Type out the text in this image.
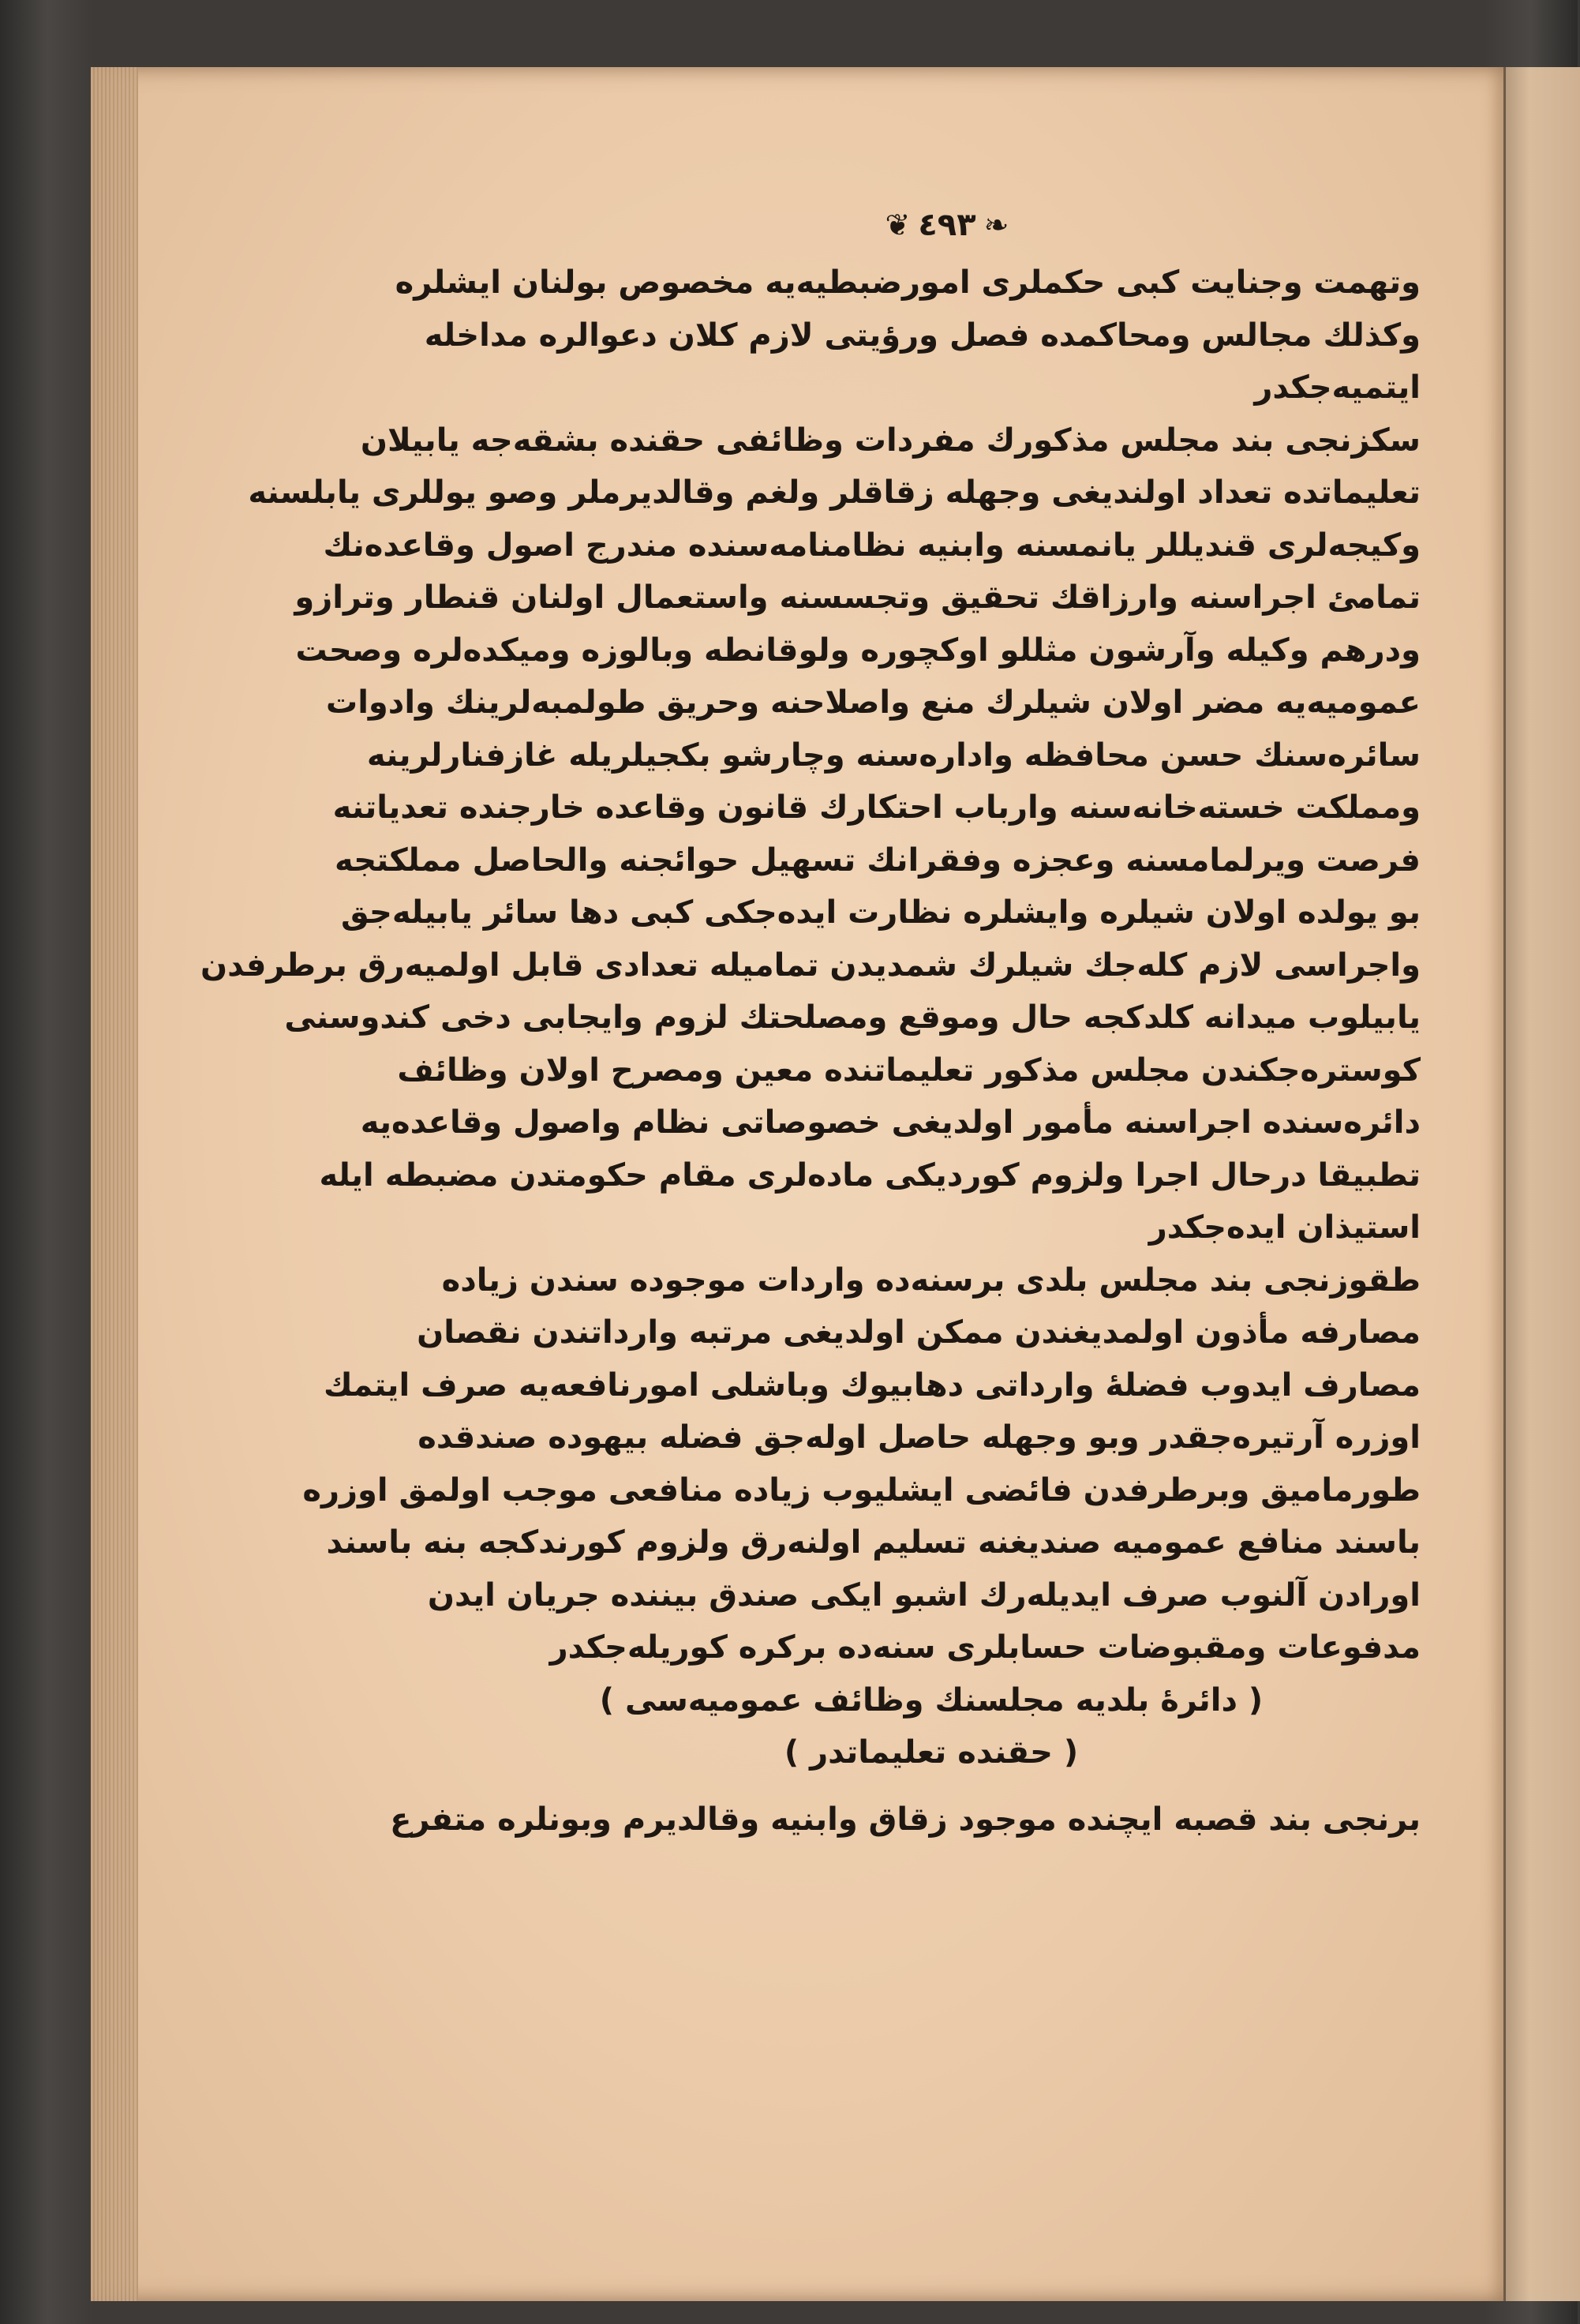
❦ ٤٩٣ ❧
وتهمت وجنايت كبی حكملری امورضبطيه‌يه مخصوص بولنان ايشلره
وكذلك مجالس ومحاكمده فصل ورؤيتی لازم كلان دعوالره مداخله
ايتميه‌جكدر
سكزنجی بند مجلس مذكورك مفردات وظائفی حقنده بشقه‌جه يابيلان
تعليماتده تعداد اولنديغی وجهله زقاقلر ولغم وقالديرملر وصو يوللری يابلسنه
وكيجه‌لری قنديللر يانمسنه وابنيه نظامنامه‌سنده مندرج اصول وقاعده‌نك
تمامئ اجراسنه وارزاقك تحقيق وتجسسنه واستعمال اولنان قنطار وترازو
ودرهم وكيله وآرشون مثللو اوكچوره ولوقانطه وبالوزه وميكده‌لره وصحت
عموميه‌يه مضر اولان شيلرك منع واصلاحنه وحريق طولمبه‌لرينك وادوات
سائره‌سنك حسن محافظه وادارە‌سنه وچارشو بكجيلريله غازفنارلرينه
ومملكت خسته‌خانه‌سنه وارباب احتكارك قانون وقاعده خارجنده تعدياتنه
فرصت ويرلمامسنه وعجزه وفقرانك تسهيل حوائجنه والحاصل مملكتجه
بو يولده اولان شيلره وايشلره نظارت ايده‌جكی كبی دها سائر يابيله‌جق
واجراسی لازم كله‌جك شيلرك شمديدن تماميله تعدادی قابل اولميه‌رق برطرفدن
يابيلوب ميدانه كلدكجه حال وموقع ومصلحتك لزوم وايجابی دخی كندوسنی
كوستره‌جكندن مجلس مذكور تعليماتنده معين ومصرح اولان وظائف
دائره‌سنده اجراسنه مأمور اولديغی خصوصاتی نظام واصول وقاعده‌يه
تطبيقا درحال اجرا ولزوم كورديكی ماده‌لری مقام حكومتدن مضبطه ايله
استيذان ايده‌جكدر
طقوزنجی بند مجلس بلدی برسنه‌ده واردات موجوده سندن زياده
مصارفه مأذون اولمديغندن ممكن اولديغی مرتبه وارداتندن نقصان
مصارف ايدوب فضلهٔ وارداتی دهابيوك وباشلی امورنافعه‌يه صرف ايتمك
اوزره آرتيره‌جقدر وبو وجهله حاصل اوله‌جق فضله بيهوده صندقده
طورماميق وبرطرفدن فائضی ايشليوب زياده منافعی موجب اولمق اوزره
باسند منافع عموميه صنديغنه تسليم اولنه‌رق ولزوم كورندكجه بنه باسند
اورادن آلنوب صرف ايديله‌رك اشبو ايكی صندق بيننده جريان ايدن
مدفوعات ومقبوضات حسابلری سنه‌ده بركره كوريله‌جكدر
( دائرهٔ بلديه مجلسنك وظائف عموميه‌سی )
( حقنده تعليماتدر )
برنجی بند قصبه ايچنده موجود زقاق وابنيه وقالديرم وبونلره متفرع
